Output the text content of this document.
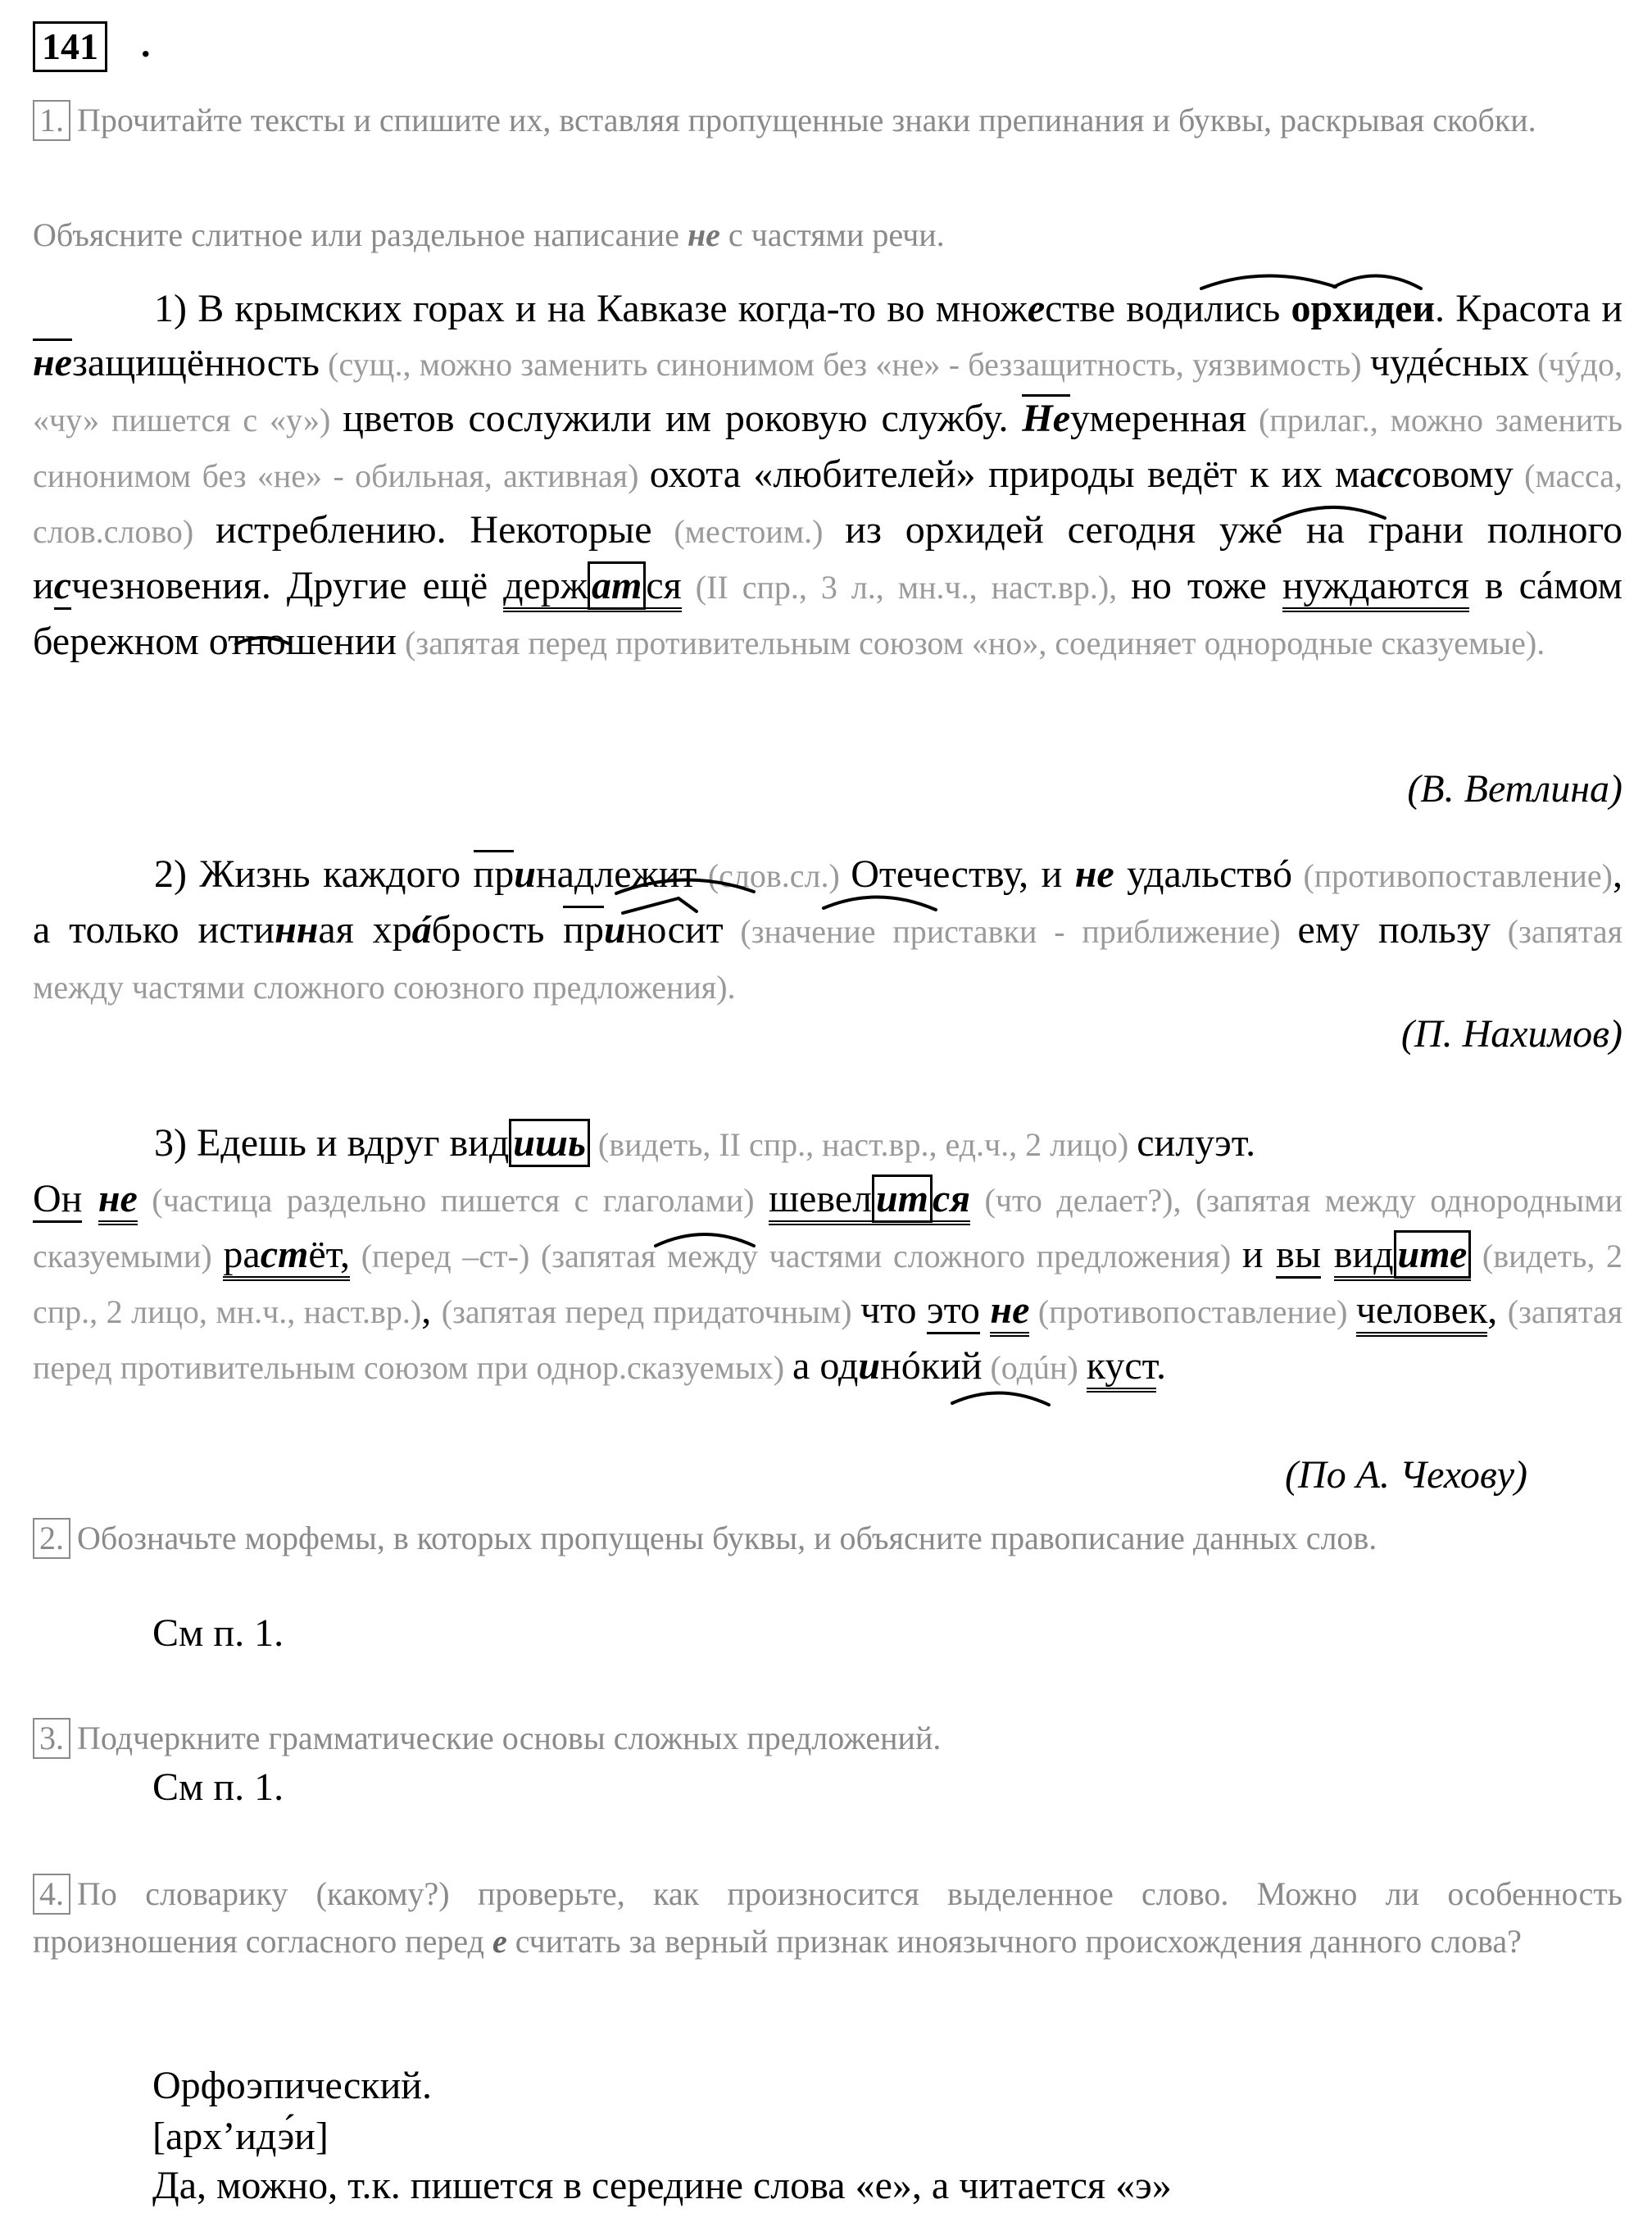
141 .
1. Прочитайте тексты и спишите их, вставляя пропущенные знаки препинания и буквы, раскрывая скобки.
Объясните слитное или раздельное написание не с частями речи.
1) В крымских горах и на Кавказе когда-то во множестве водились орхидеи. Красота и незащищённость (сущ., можно заменить синонимом без «не» - беззащитность, уязвимость) чудéсных (чýдо, «чу» пишется с «у») цветов сослужили им роковую службу. Неумеренная (прилаг., можно заменить синонимом без «не» - обильная, активная) охота «любителей» природы ведёт к их массовому (масса, слов.слово) истреблению. Некоторые (местоим.) из орхидей сегодня уже на грани полного исчезновения. Другие ещё держ ат ся (II спр., 3 л., мн.ч., наст.вр.), но тоже нуждаются в сáмом бережном отношении (запятая перед противительным союзом «но», соединяет однородные сказуемые).
(В. Ветлина)
2) Жизнь каждого принадлежит (слов.сл.) Отечеству, и не удальствó (противопоставление), а только истинная хрáбрость приносит (значение приставки - приближение) ему пользу (запятая между частями сложного союзного предложения).
(П. Нахимов)
3) Едешь и вдруг вид ишь (видеть, II спр., наст.вр., ед.ч., 2 лицо) силуэт.
Он не (частица раздельно пишется с глаголами) шевел ит ся (что делает?), (запятая между однородными сказуемыми) растёт, (перед –ст-) (запятая между частями сложного предложения) и вы вид ите (видеть, 2 спр., 2 лицо, мн.ч., наст.вр.), (запятая перед придаточным) что это не (противопоставление) человек, (запятая перед противительным союзом при однор.сказуемых) а одинóкий (одúн) куст.
(По А. Чехову)
2. Обозначьте морфемы, в которых пропущены буквы, и объясните правописание данных слов.
См п. 1.
3. Подчеркните грамматические основы сложных предложений.
См п. 1.
4. По словарику (какому?) проверьте, как произносится выделенное слово. Можно ли особенность произношения согласного перед е считать за верный признак иноязычного происхождения данного слова?
Орфоэпический.
[арх’идэ́и]
Да, можно, т.к. пишется в середине слова «е», а читается «э»
